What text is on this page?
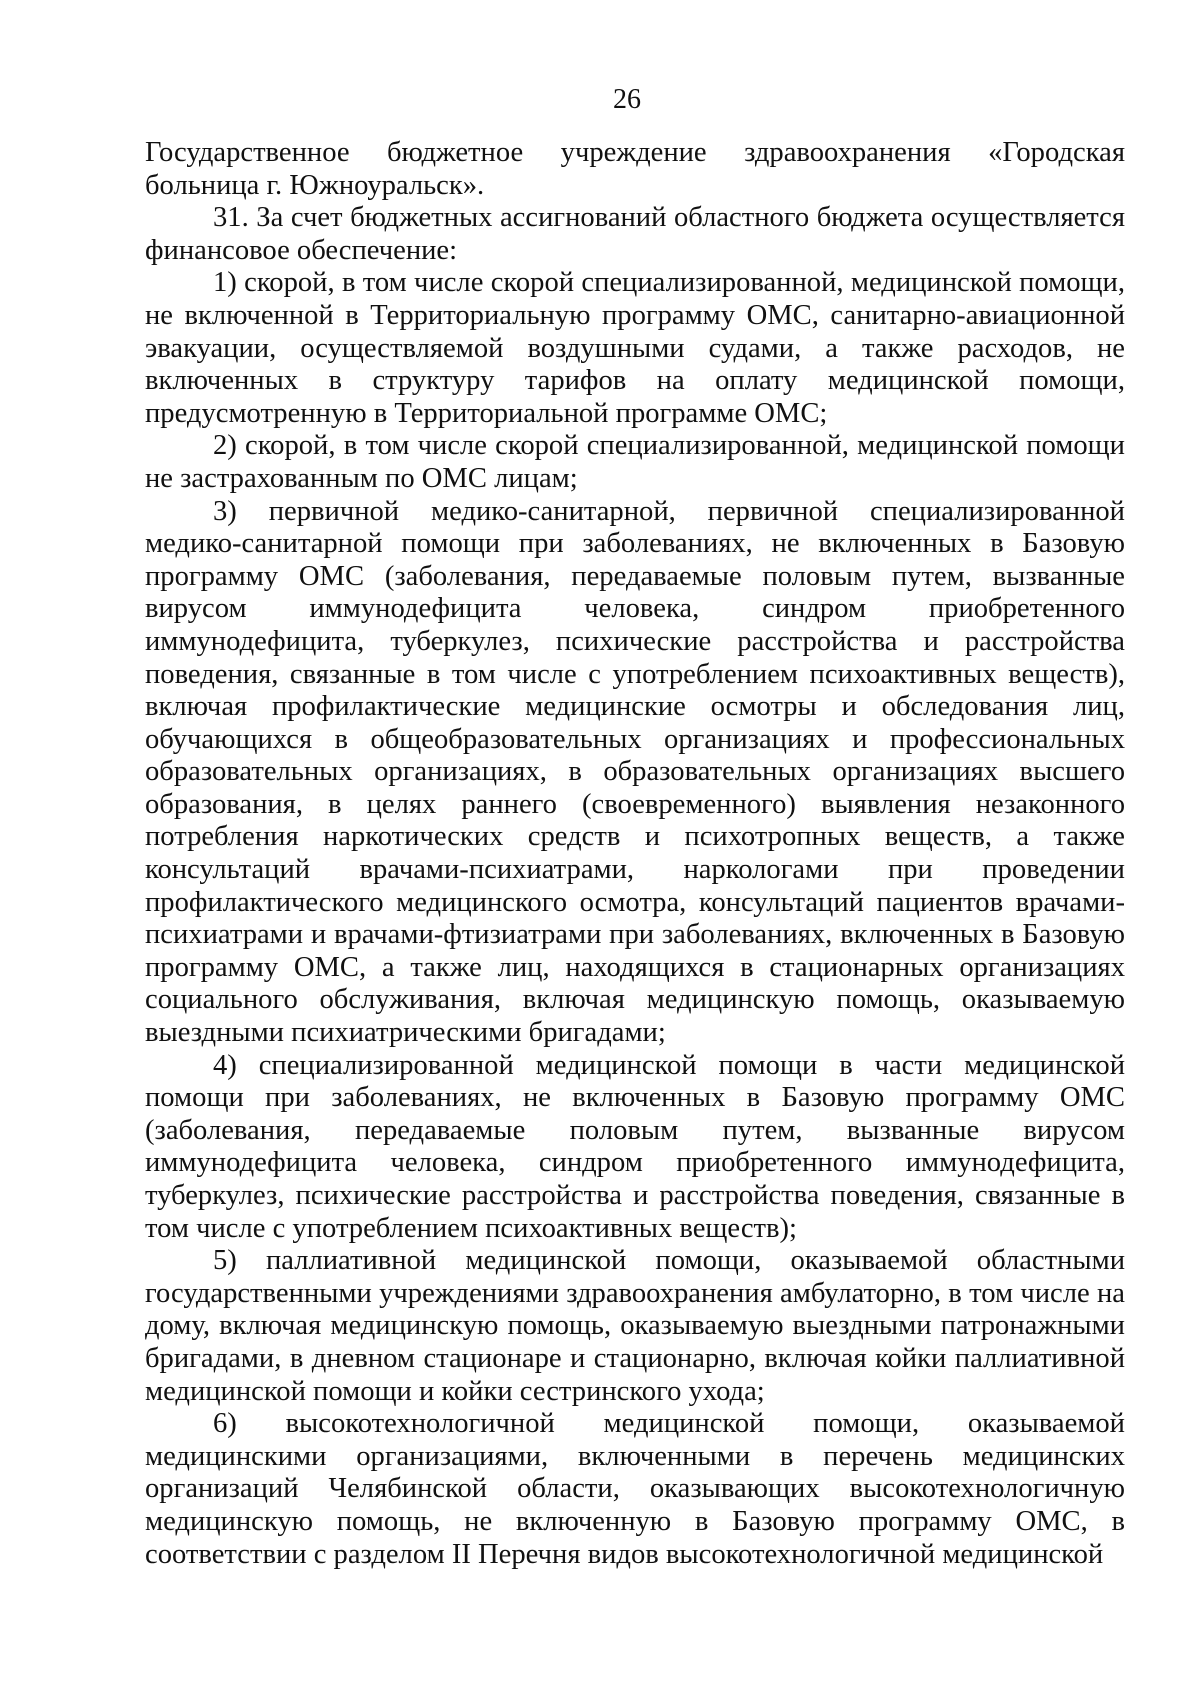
26

Государственное бюджетное учреждение здравоохранения «Городская больница г. Южноуральск».

31. За счет бюджетных ассигнований областного бюджета осуществляется финансовое обеспечение:

1) скорой, в том числе скорой специализированной, медицинской помощи, не включенной в Территориальную программу ОМС, санитарно-авиационной эвакуации, осуществляемой воздушными судами, а также расходов, не включенных в структуру тарифов на оплату медицинской помощи, предусмотренную в Территориальной программе ОМС;

2) скорой, в том числе скорой специализированной, медицинской помощи не застрахованным по ОМС лицам;

3) первичной медико-санитарной, первичной специализированной медико-санитарной помощи при заболеваниях, не включенных в Базовую программу ОМС (заболевания, передаваемые половым путем, вызванные вирусом иммунодефицита человека, синдром приобретенного иммунодефицита, туберкулез, психические расстройства и расстройства поведения, связанные в том числе с употреблением психоактивных веществ), включая профилактические медицинские осмотры и обследования лиц, обучающихся в общеобразовательных организациях и профессиональных образовательных организациях, в образовательных организациях высшего образования, в целях раннего (своевременного) выявления незаконного потребления наркотических средств и психотропных веществ, а также консультаций врачами-психиатрами, наркологами при проведении профилактического медицинского осмотра, консультаций пациентов врачами-психиатрами и врачами-фтизиатрами при заболеваниях, включенных в Базовую программу ОМС, а также лиц, находящихся в стационарных организациях социального обслуживания, включая медицинскую помощь, оказываемую выездными психиатрическими бригадами;

4) специализированной медицинской помощи в части медицинской помощи при заболеваниях, не включенных в Базовую программу ОМС (заболевания, передаваемые половым путем, вызванные вирусом иммунодефицита человека, синдром приобретенного иммунодефицита, туберкулез, психические расстройства и расстройства поведения, связанные в том числе с употреблением психоактивных веществ);

5) паллиативной медицинской помощи, оказываемой областными государственными учреждениями здравоохранения амбулаторно, в том числе на дому, включая медицинскую помощь, оказываемую выездными патронажными бригадами, в дневном стационаре и стационарно, включая койки паллиативной медицинской помощи и койки сестринского ухода;

6) высокотехнологичной медицинской помощи, оказываемой медицинскими организациями, включенными в перечень медицинских организаций Челябинской области, оказывающих высокотехнологичную медицинскую помощь, не включенную в Базовую программу ОМС, в соответствии с разделом II Перечня видов высокотехнологичной медицинской
